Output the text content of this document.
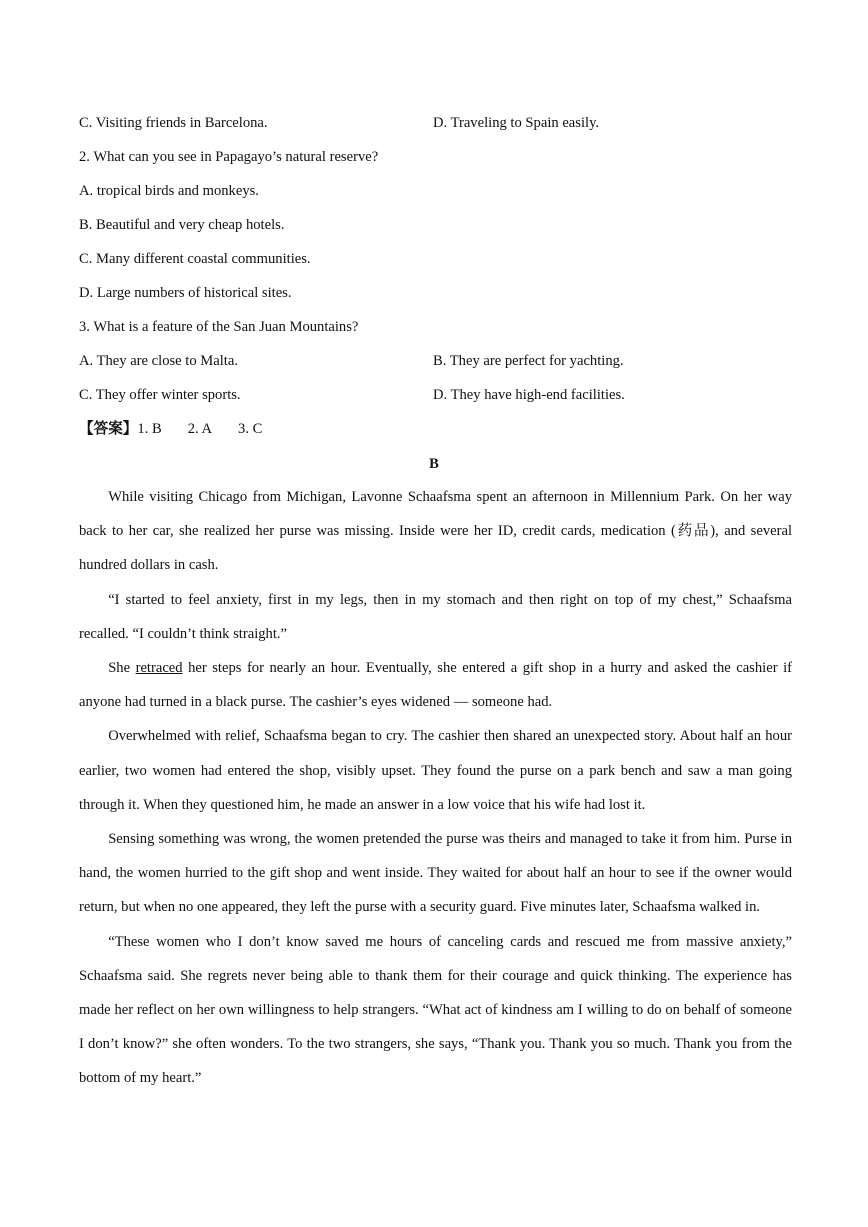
C. Visiting friends in Barcelona.	D. Traveling to Spain easily.
2. What can you see in Papagayo’s natural reserve?
A. tropical birds and monkeys.
B. Beautiful and very cheap hotels.
C. Many different coastal communities.
D. Large numbers of historical sites.
3. What is a feature of the San Juan Mountains?
A. They are close to Malta.	B. They are perfect for yachting.
C. They offer winter sports.	D. They have high-end facilities.
【答案】1. B 2. A 3. C
B

While visiting Chicago from Michigan, Lavonne Schaafsma spent an afternoon in Millennium Park. On her way back to her car, she realized her purse was missing. Inside were her ID, credit cards, medication (药品), and several hundred dollars in cash.

“I started to feel anxiety, first in my legs, then in my stomach and then right on top of my chest,” Schaafsma recalled. “I couldn’t think straight.”

She retraced her steps for nearly an hour. Eventually, she entered a gift shop in a hurry and asked the cashier if anyone had turned in a black purse. The cashier’s eyes widened — someone had.

Overwhelmed with relief, Schaafsma began to cry. The cashier then shared an unexpected story. About half an hour earlier, two women had entered the shop, visibly upset. They found the purse on a park bench and saw a man going through it. When they questioned him, he made an answer in a low voice that his wife had lost it.

Sensing something was wrong, the women pretended the purse was theirs and managed to take it from him. Purse in hand, the women hurried to the gift shop and went inside. They waited for about half an hour to see if the owner would return, but when no one appeared, they left the purse with a security guard. Five minutes later, Schaafsma walked in.

“These women who I don’t know saved me hours of canceling cards and rescued me from massive anxiety,” Schaafsma said. She regrets never being able to thank them for their courage and quick thinking. The experience has made her reflect on her own willingness to help strangers. “What act of kindness am I willing to do on behalf of someone I don’t know?” she often wonders. To the two strangers, she says, “Thank you. Thank you so much. Thank you from the bottom of my heart.”
